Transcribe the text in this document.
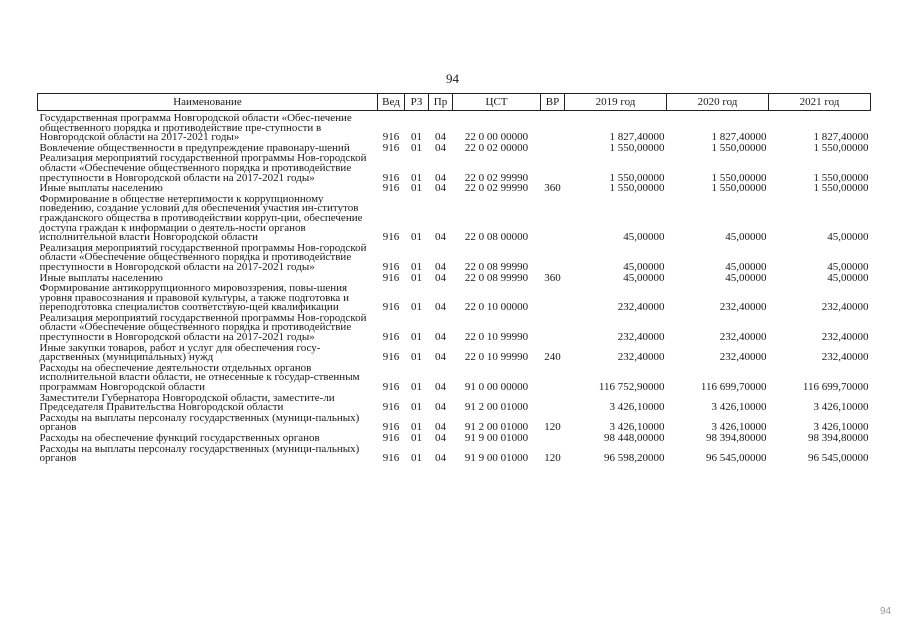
94
Наименование	Вед	РЗ	Пр	ЦСТ	ВР	2019 год	2020 год	2021 год
Государственная программа Новгородской области «Обес-печение общественного порядка и противодействие пре-ступности в Новгородской области на 2017-2021 годы»	916	01	04	22 0 00 00000		1 827,40000	1 827,40000	1 827,40000
Вовлечение общественности в предупреждение правонару-шений	916	01	04	22 0 02 00000		1 550,00000	1 550,00000	1 550,00000
Реализация мероприятий государственной программы Нов-городской области «Обеспечение общественного порядка и противодействие преступности в Новгородской области на 2017-2021 годы»	916	01	04	22 0 02 99990		1 550,00000	1 550,00000	1 550,00000
Иные выплаты населению	916	01	04	22 0 02 99990	360	1 550,00000	1 550,00000	1 550,00000
Формирование в обществе нетерпимости к коррупционному поведению, создание условий для обеспечения участия ин-ститутов гражданского общества в противодействии корруп-ции, обеспечение доступа граждан к информации о деятель-ности органов исполнительной власти Новгородской области	916	01	04	22 0 08 00000		45,00000	45,00000	45,00000
Реализация мероприятий государственной программы Нов-городской области «Обеспечение общественного порядка и противодействие преступности в Новгородской области на 2017-2021 годы»	916	01	04	22 0 08 99990		45,00000	45,00000	45,00000
Иные выплаты населению	916	01	04	22 0 08 99990	360	45,00000	45,00000	45,00000
Формирование антикоррупционного мировоззрения, повы-шения уровня правосознания и правовой культуры, а также подготовка и переподготовка специалистов соответствую-щей квалификации	916	01	04	22 0 10 00000		232,40000	232,40000	232,40000
Реализация мероприятий государственной программы Нов-городской области «Обеспечение общественного порядка и противодействие преступности в Новгородской области на 2017-2021 годы»	916	01	04	22 0 10 99990		232,40000	232,40000	232,40000
Иные закупки товаров, работ и услуг для обеспечения госу-дарственных (муниципальных) нужд	916	01	04	22 0 10 99990	240	232,40000	232,40000	232,40000
Расходы на обеспечение деятельности отдельных органов исполнительной власти области, не отнесенные к государ-ственным программам Новгородской области	916	01	04	91 0 00 00000		116 752,90000	116 699,70000	116 699,70000
Заместители Губернатора Новгородской области, заместите-ли Председателя Правительства Новгородской области	916	01	04	91 2 00 01000		3 426,10000	3 426,10000	3 426,10000
Расходы на выплаты персоналу государственных (муници-пальных) органов	916	01	04	91 2 00 01000	120	3 426,10000	3 426,10000	3 426,10000
Расходы на обеспечение функций государственных органов	916	01	04	91 9 00 01000		98 448,00000	98 394,80000	98 394,80000
Расходы на выплаты персоналу государственных (муници-пальных) органов	916	01	04	91 9 00 01000	120	96 598,20000	96 545,00000	96 545,00000
94
